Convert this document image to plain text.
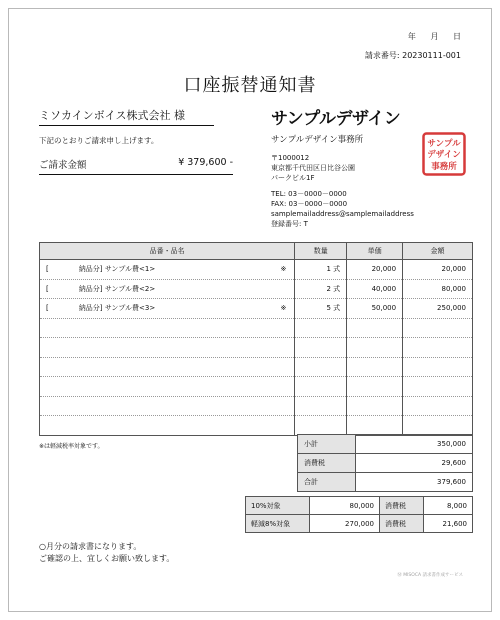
年 月 日
請求番号: 20230111-001
口座振替通知書
ミソカインボイス株式会社 様
下記のとおりご請求申し上げます。
ご請求金額	¥ 379,600 -
サンプルデザイン
サンプルデザイン事務所
〒1000012
東京都千代田区日比谷公園
パークビル1F
TEL: 03－0000－0000
FAX: 03－0000－0000
samplemailaddress@samplemailaddress
登録番号: T
サンプル
デザイン
事務所
品番・品名	数量	単価	金額
[ 納品分] サンプル費<1> ※	1 式	20,000	20,000
[ 納品分] サンプル費<2>	2 式	40,000	80,000
[ 納品分] サンプル費<3> ※	5 式	50,000	250,000

※は軽減税率対象です。	小計	350,000
消費税	29,600
合計	379,600
10%対象	80,000	消費税	8,000
軽減8%対象	270,000	消費税	21,600
○月分の請求書になります。
ご確認の上、宜しくお願い致します。
Ⓜ MISOCA 請求書作成サービス
